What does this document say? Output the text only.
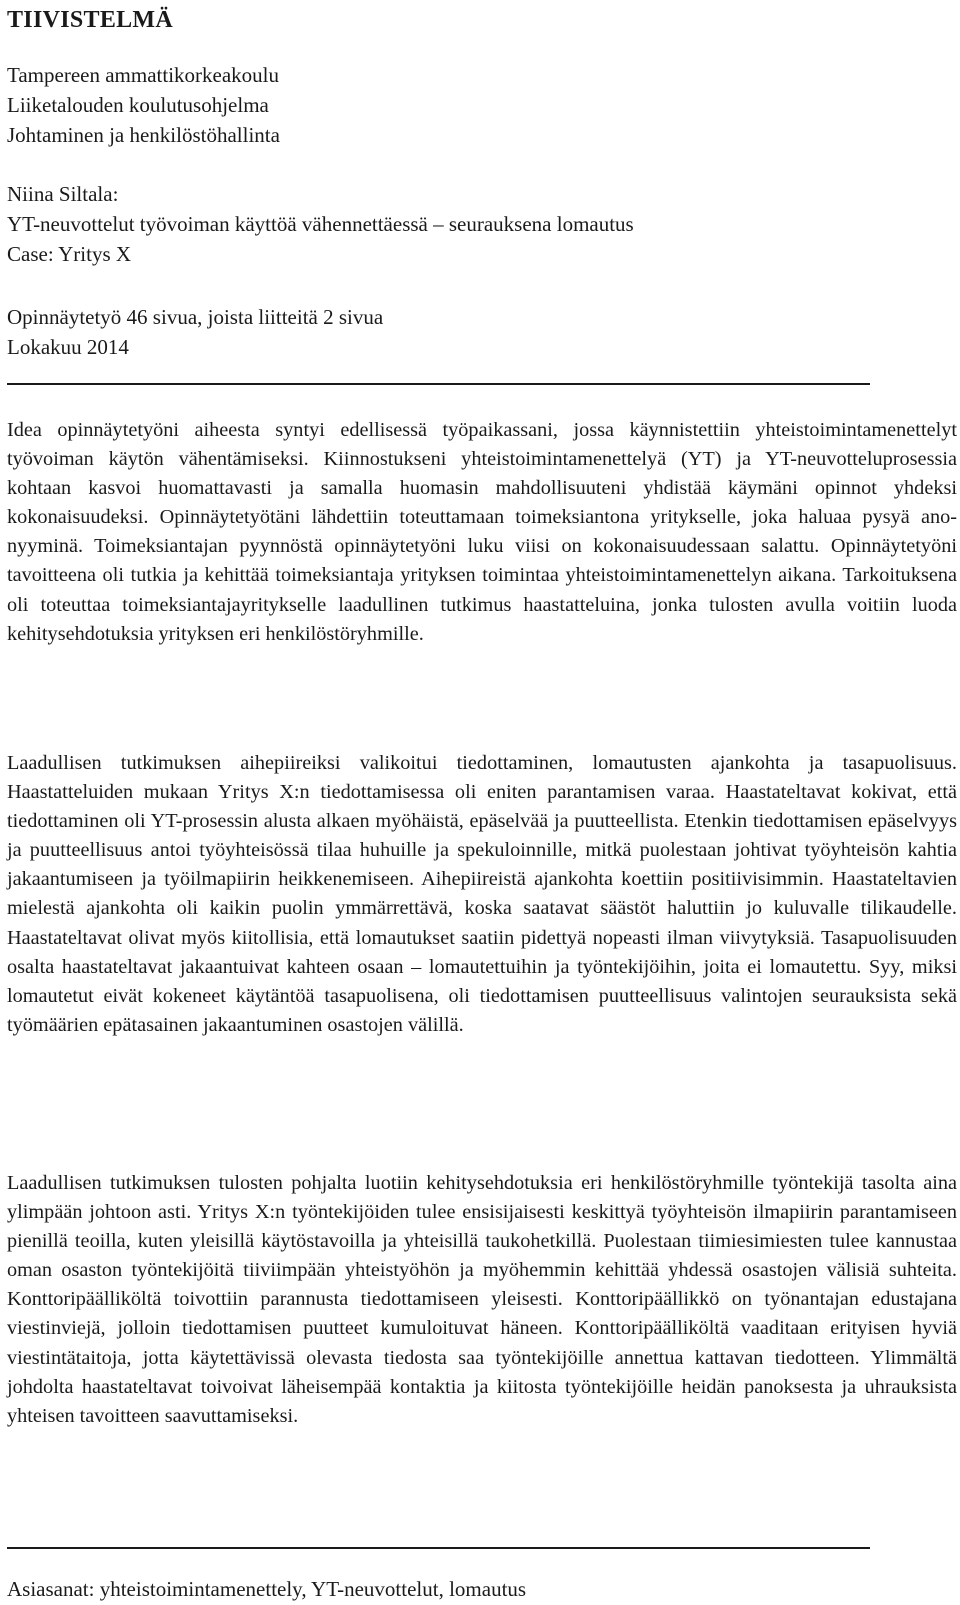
TIIVISTELMÄ
Tampereen ammattikorkeakoulu
Liiketalouden koulutusohjelma
Johtaminen ja henkilöstöhallinta
Niina Siltala:
YT-neuvottelut työvoiman käyttöä vähennettäessä – seurauksena lomautus
Case: Yritys X
Opinnäytetyö 46 sivua, joista liitteitä 2 sivua
Lokakuu 2014

Idea opinnäytetyöni aiheesta syntyi edellisessä työpaikassani, jossa käynnistettiin yhteistoimintamenettelyt työvoiman käytön vähentämiseksi. Kiinnostukseni yhteistoimintamenettelyä (YT) ja YT-neuvotteluprosessia kohtaan kasvoi huomattavasti ja samalla huomasin mahdollisuuteni yhdistää käymäni opinnot yhdeksi kokonaisuudeksi. Opinnäytetyötäni lähdettiin toteuttamaan toimeksiantona yritykselle, joka haluaa pysyä anonyyminä. Toimeksiantajan pyynnöstä opinnäytetyöni luku viisi on kokonaisuudessaan salattu. Opinnäytetyöni tavoitteena oli tutkia ja kehittää toimeksiantaja yrityksen toimintaa yhteistoimintamenettelyn aikana. Tarkoituksena oli toteuttaa toimeksiantajayritykselle laadullinen tutkimus haastatteluina, jonka tulosten avulla voitiin luoda kehitysehdotuksia yrityksen eri henkilöstöryhmille.

Laadullisen tutkimuksen aihepiireiksi valikoitui tiedottaminen, lomautusten ajankohta ja tasapuolisuus. Haastatteluiden mukaan Yritys X:n tiedottamisessa oli eniten parantamisen varaa. Haastateltavat kokivat, että tiedottaminen oli YT-prosessin alusta alkaen myöhäistä, epäselvää ja puutteellista. Etenkin tiedottamisen epäselvyys ja puutteellisuus antoi työyhteisössä tilaa huhuille ja spekuloinnille, mitkä puolestaan johtivat työyhteisön kahtia jakaantumiseen ja työilmapiirin heikkenemiseen. Aihepiireistä ajankohta koettiin positiivisimmin. Haastateltavien mielestä ajankohta oli kaikin puolin ymmärrettävä, koska saatavat säästöt haluttiin jo kuluvalle tilikaudelle. Haastateltavat olivat myös kiitollisia, että lomautukset saatiin pidettyä nopeasti ilman viivytyksiä. Tasapuolisuuden osalta haastateltavat jakaantuivat kahteen osaan – lomautettuihin ja työntekijöihin, joita ei lomautettu. Syy, miksi lomautetut eivät kokeneet käytäntöä tasapuolisena, oli tiedottamisen puutteellisuus valintojen seurauksista sekä työmäärien epätasainen jakaantuminen osastojen välillä.

Laadullisen tutkimuksen tulosten pohjalta luotiin kehitysehdotuksia eri henkilöstöryhmille työntekijä tasolta aina ylimpään johtoon asti. Yritys X:n työntekijöiden tulee ensisijaisesti keskittyä työyhteisön ilmapiirin parantamiseen pienillä teoilla, kuten yleisillä käytöstavoilla ja yhteisillä taukohetkillä. Puolestaan tiimiesimiesten tulee kannustaa oman osaston työntekijöitä tiiviimpään yhteistyöhön ja myöhemmin kehittää yhdessä osastojen välisiä suhteita. Konttoripäälliköltä toivottiin parannusta tiedottamiseen yleisesti. Konttoripäällikkö on työnantajan edustajana viestinviejä, jolloin tiedottamisen puutteet kumuloituvat häneen. Konttoripäälliköltä vaaditaan erityisen hyviä viestintätaitoja, jotta käytettävissä olevasta tiedosta saa työntekijöille annettua kattavan tiedotteen. Ylimmältä johdolta haastateltavat toivoivat läheisempää kontaktia ja kiitosta työntekijöille heidän panoksesta ja uhrauksista yhteisen tavoitteen saavuttamiseksi.

Asiasanat: yhteistoimintamenettely, YT-neuvottelut, lomautus
